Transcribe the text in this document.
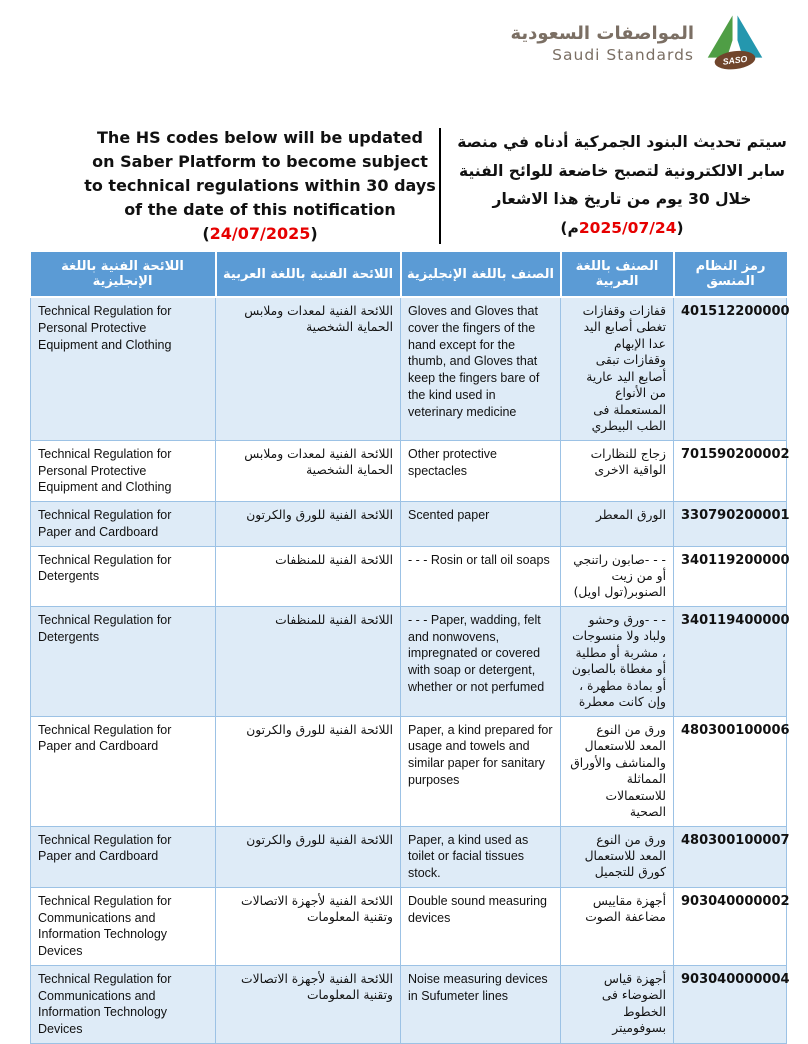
المواصفات السعودية
Saudi Standards SASO
The HS codes below will be updated on Saber Platform to become subject to technical regulations within 30 days of the date of this notification (24/07/2025)
سيتم تحديث البنود الجمركية أدناه في منصة سابر الالكترونية لتصبح خاضعة للوائح الفنية خلال 30 يوم من تاريخ هذا الاشعار (2025/07/24م)
اللائحة الفنية باللغة الإنجليزية	اللائحة الفنية باللغة العربية	الصنف باللغة الإنجليزية	الصنف باللغة العربية	رمز النظام المنسق
Technical Regulation for Personal Protective Equipment and Clothing	اللائحة الفنية لمعدات وملابس الحماية الشخصية	Gloves and Gloves that cover the fingers of the hand except for the thumb, and Gloves that keep the fingers bare of the kind used in veterinary medicine	قفازات وقفازات تغطى أصابع اليد عدا الإبهام وقفازات تبقى أصابع اليد عارية من الأنواع المستعملة فى الطب البيطري	401512200000
Technical Regulation for Personal Protective Equipment and Clothing	اللائحة الفنية لمعدات وملابس الحماية الشخصية	Other protective spectacles	زجاج للنظارات الواقية الاخرى	701590200002
Technical Regulation for Paper and Cardboard	اللائحة الفنية للورق والكرتون	Scented paper	الورق المعطر	330790200001
Technical Regulation for Detergents	اللائحة الفنية للمنظفات	- - - Rosin or tall oil soaps	- - -صابون راتنجي أو من زيت الصنوبر(تول اويل)	340119200000
Technical Regulation for Detergents	اللائحة الفنية للمنظفات	- - - Paper, wadding, felt and nonwovens, impregnated or covered with soap or detergent, whether or not perfumed	- - -ورق وحشو ولباد ولا منسوجات ، مشربة أو مطلية أو مغطاة بالصابون أو بمادة مطهرة ، وإن كانت معطرة	340119400000
Technical Regulation for Paper and Cardboard	اللائحة الفنية للورق والكرتون	Paper, a kind prepared for usage and towels and similar paper for sanitary purposes	ورق من النوع المعد للاستعمال والمناشف والأوراق المماثلة للاستعمالات الصحية	480300100006
Technical Regulation for Paper and Cardboard	اللائحة الفنية للورق والكرتون	Paper, a kind used as toilet or facial tissues stock.	ورق من النوع المعد للاستعمال كورق للتجميل	480300100007
Technical Regulation for Communications and Information Technology Devices	اللائحة الفنية لأجهزة الاتصالات وتقنية المعلومات	Double sound measuring devices	أجهزة مقاييس مضاعفة الصوت	903040000002
Technical Regulation for Communications and Information Technology Devices	اللائحة الفنية لأجهزة الاتصالات وتقنية المعلومات	Noise measuring devices in Sufumeter lines	أجهزة قياس الضوضاء فى الخطوط بسوفوميتر	903040000004
